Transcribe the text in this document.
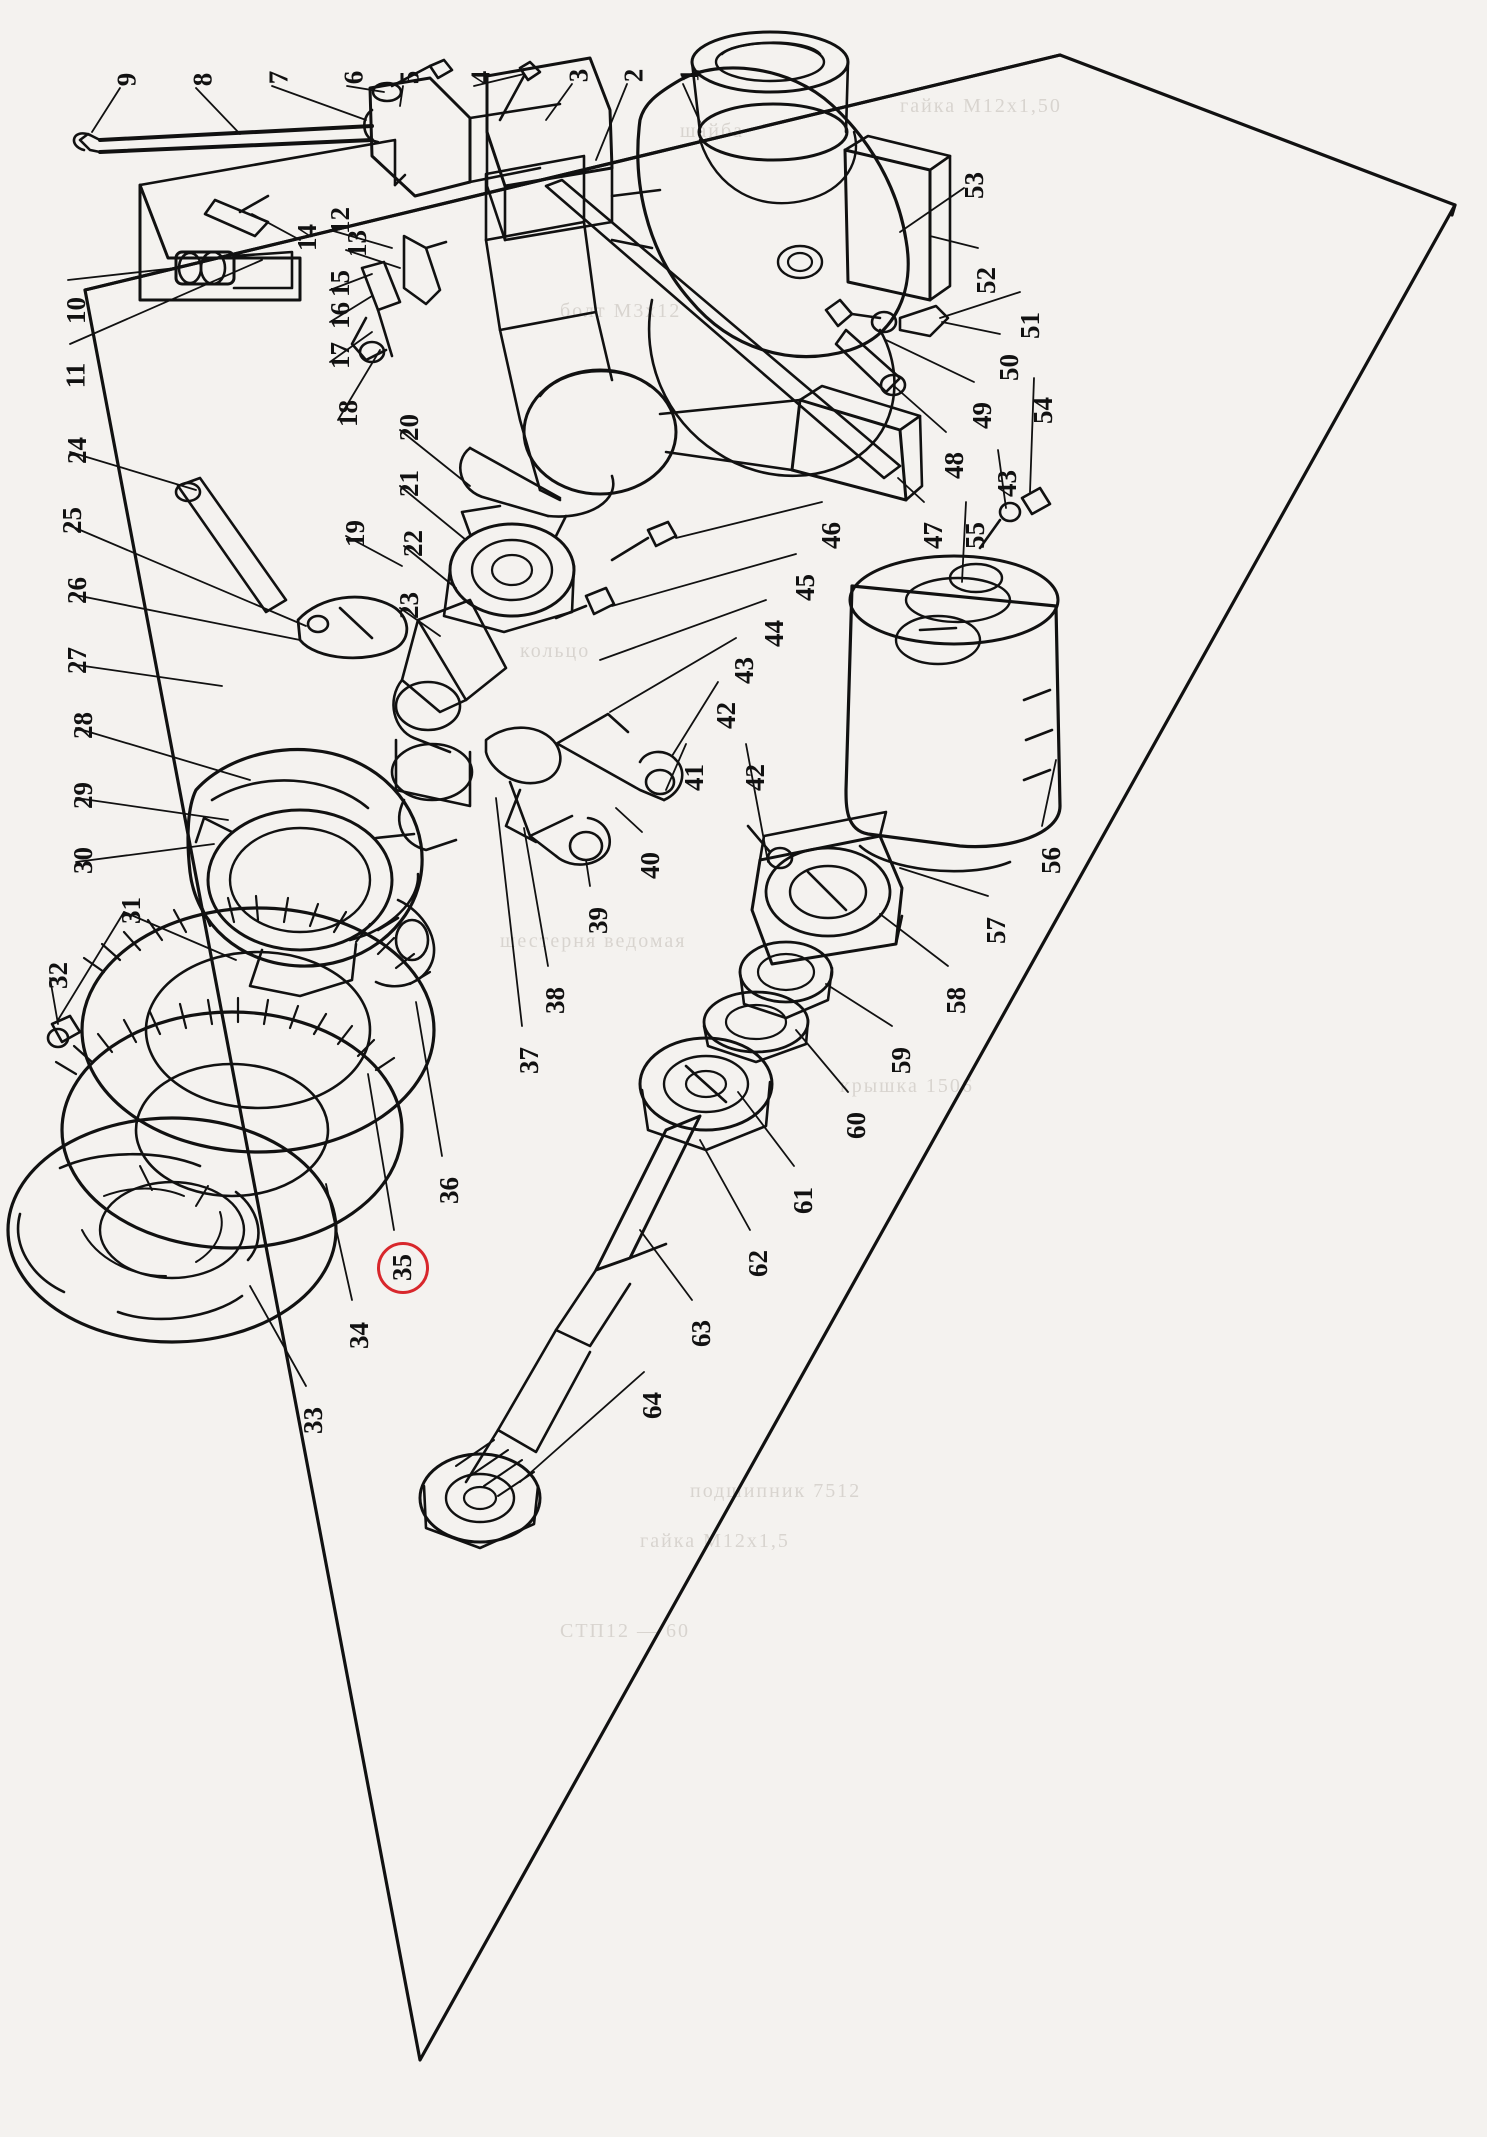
гайка М12х1,50
шайба
болт М3х12
кольцо
шестерня ведомая
подшипник 7512
крышка 1506
гайка М12х1,5
СТП12 — 60
9 8 7 6 5 4	3 2 1
12
13
14
15
16
17
18
10
11
24
25
26
27
28
29
30
31
32
33
34
35
36
37
38
39
40
41
42
43
44
45
46	47
48
49
50
51
52
53
54
43
55
56
57
58
59
60
61
62
63
64
42
19
20
21
22
23
